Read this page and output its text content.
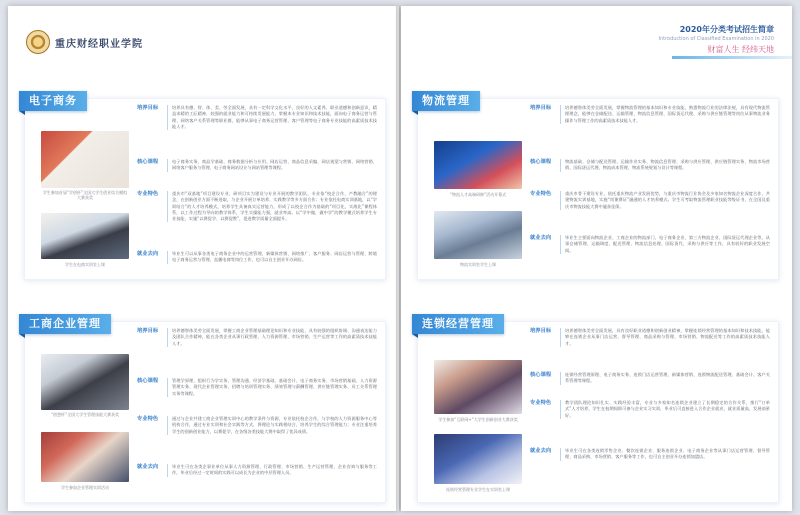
重庆财经职业学院
电子商务
学生参加首届“学创杯”全国大学生创业综合模拟大赛获奖
学生在电商实训室上课
培养目标	培养具有德、智、体、美、劳全面发展，具有一定科学文化水平，良好的人文素养、职业道德和创新意识，精益求精的工匠精神，较强的就业能力和可持续发展能力，掌握本专业知识和技术技能，面向电子商务运营与管理、网络客户关系管理等职业群，能够从事电子商务运营管理、客户管理等电子商务专业技能的高素质技术技能人才。
核心课程	电子商务实务、商品学基础、商务数据分析与应用、网店运营、商品信息采编、网店视觉与营销、网络营销、网络客户服务与管理、电子商务网站设计与网站管理等课程。
专业特色	重庆市“双基地”项目建设专业，研项目实为建设与专业开展的教学团队，专业依“校企合作、产教融合”的理念，在创新创业方面不断进取，与企业开展订单培养、实践教学等多方面合作；专业依托电商实训基地，以“学训结合”的人才培养模式，培养学生具备真实运营能力，形成了以校企合作为基础的“项目化、实战化”课程体系，以工作过程为导向的教学体系，学生实操能力强，就业率高。以“学中做，做中学”的教学模式培养学生专业技能，实施“以赛促学、以赛促教”，促进教学质量全面提升。
就业去向	毕业生可以从事各类电子商务企业中的运营管理、新媒体营销、网络推广、客户服务、网店运营与管理、跨境电子商务运营与管理、直播电商等岗位工作，也可以自主创业开办网店。
工商企业管理
“创想杯”全国大学生管理技能大赛获奖
学生参加企业管理实训活动
培养目标	培养德智体美劳全面发展，掌握工商企业管理基础理论知识和专业技能，具有较强的组织协调、沟通表达能力及团队合作精神，能在各类企业从事行政管理、人力资源管理、市场营销、生产运营等工作的高素质技术技能人才。
核心课程	管理学原理、组织行为学实务、管理沟通、经济学基础、基础会计、电子商务实务、市场营销基础、人力资源管理实务、现代企业管理实务、招聘与培训管理实务、绩效管理与薪酬管理、供应链管理实务、员工关系管理实务等课程。
专业特色	通过与企业共建工商企业管理实训中心的教学条件与资源，专业依托校企合作，与学校的人力资源服务中心等机构合作，通过专业实训和社会实践等方式，将理论与实践相结合，培养学生的综合管理能力；专业注重培养学生的创新创业能力，以赛促学，在各级各类技能大赛中取得了优异成绩。
就业去向	毕业生可在各类企事业单位从事人力资源管理、行政管理、市场营销、生产运营管理、企业咨询与服务等工作，毕业后经过一定时间的实践可以成长为企业的中层管理人员。
2020年分类考试招生简章
Introduction of Classified Examination in 2020
财富人生 经纬天地
物流管理
“物流人才高端研修”活动开幕式
物流实训室学生上课
培养目标	培养德智体美劳全面发展，掌握物流管理的基本知识和专业技能，熟悉物流行业的法律法规，具有现代物流管理理念，能够在仓储配送、运输管理、物流信息管理、国际货运代理、采购与供应链管理等岗位从事物流业务操作与管理工作的高素质技术技能人才。
核心课程	物流基础、仓储与配送管理、运输作业实务、物流信息管理、采购与供应管理、供应链管理实务、物流市场营销、国际货运代理、物流成本管理、物流系统规划与设计等课程。
专业特色	重庆市骨干建设专业，依托重庆物流产业发展优势，与重庆市物流行业协会及多家知名物流企业深度合作，共建物流实训基地，实施“岗课赛证”融通的人才培养模式。学生可考取物流管理职业技能等级证书，在全国及重庆市物流技能大赛中屡获佳绩。
就业去向	毕业生主要面向物流企业、工商企业的物流部门、电子商务企业、第三方物流企业、国际货运代理企业等，从事仓储管理、运输调度、配送管理、物流信息处理、国际货代、采购与供应等工作，具有较好的职业发展空间。
连锁经营管理
学生参加“互联网+”大学生创新创业大赛获奖
连锁经营管理专业学生在实训室上课
培养目标	培养德智体美劳全面发展，具有良好职业道德和创新创业精神，掌握连锁经营管理的基本知识和技术技能，能够在连锁企业从事门店运营、督导管理、商品采购与管理、市场营销、物流配送等工作的高素质技术技能人才。
核心课程	连锁经营管理原理、电子商务实务、连锁门店运营管理、新媒体营销、连锁物流配送管理、基础会计、客户关系管理等课程。
专业特色	教学团队理论知识扎实、实践经验丰富，专业与多家知名连锁企业建立了长期稳定的合作关系，推行“订单式”人才培养，学生在校期间即可参与企业实习实训，毕业后可直接进入合作企业就业，就业质量高，发展前景好。
就业去向	毕业生可在各类连锁零售企业、餐饮连锁企业、服务连锁企业、电子商务企业等从事门店运营管理、督导管理、商品采购、市场营销、客户服务等工作，也可自主创业开办连锁加盟店。
